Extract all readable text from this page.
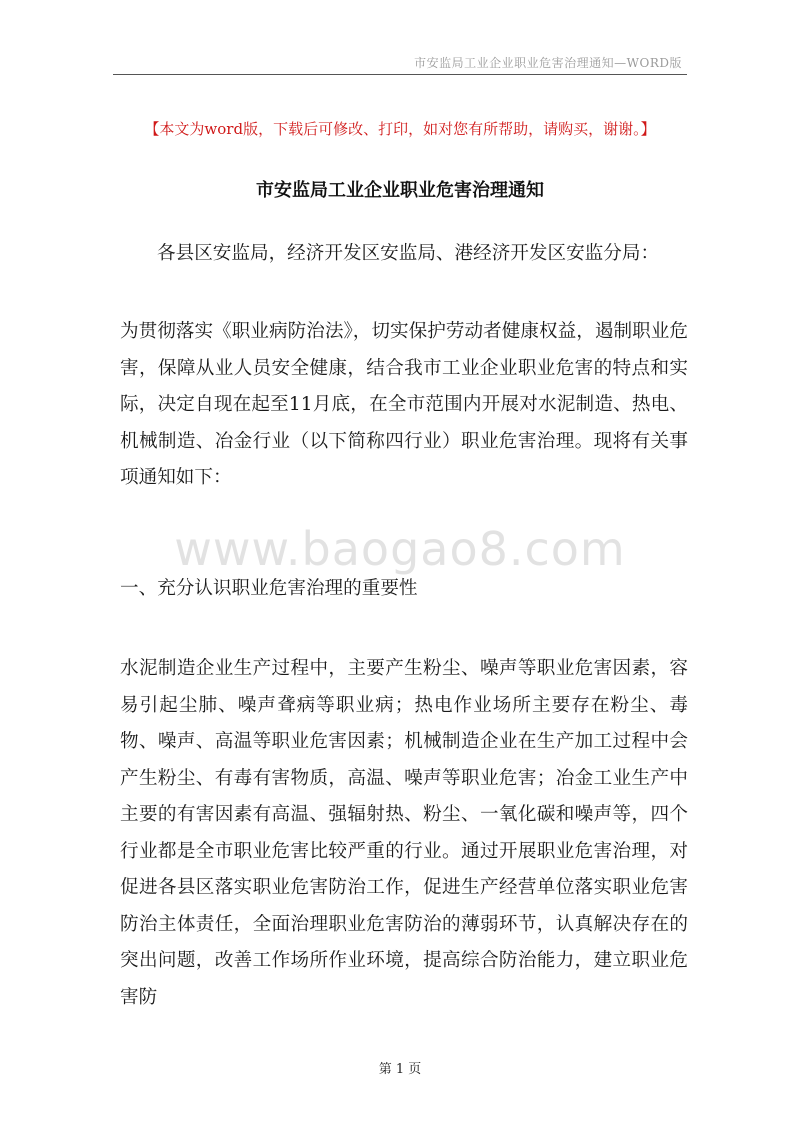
市安监局工业企业职业危害治理通知—WORD版
【本文为word版，下载后可修改、打印，如对您有所帮助，请购买，谢谢。】
市安监局工业企业职业危害治理通知
各县区安监局，经济开发区安监局、港经济开发区安监分局：
为贯彻落实《职业病防治法》，切实保护劳动者健康权益，遏制职业危害，保障从业人员安全健康，结合我市工业企业职业危害的特点和实际，决定自现在起至11月底，在全市范围内开展对水泥制造、热电、机械制造、冶金行业（以下简称四行业）职业危害治理。现将有关事项通知如下：
www.baogao8.com
一、充分认识职业危害治理的重要性
水泥制造企业生产过程中，主要产生粉尘、噪声等职业危害因素，容易引起尘肺、噪声聋病等职业病；热电作业场所主要存在粉尘、毒物、噪声、高温等职业危害因素；机械制造企业在生产加工过程中会产生粉尘、有毒有害物质，高温、噪声等职业危害；冶金工业生产中主要的有害因素有高温、强辐射热、粉尘、一氧化碳和噪声等，四个行业都是全市职业危害比较严重的行业。通过开展职业危害治理，对促进各县区落实职业危害防治工作，促进生产经营单位落实职业危害防治主体责任，全面治理职业危害防治的薄弱环节，认真解决存在的突出问题，改善工作场所作业环境，提高综合防治能力，建立职业危害防
第 1 页
